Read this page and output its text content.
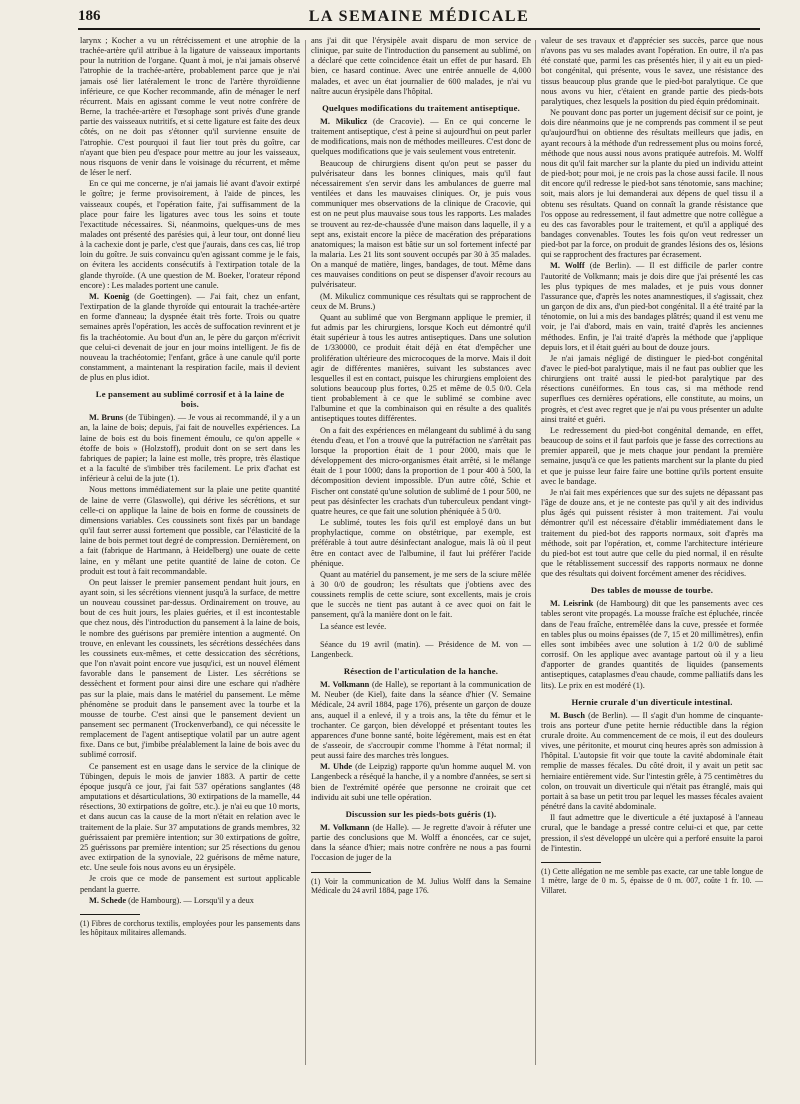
186	LA SEMAINE MÉDICALE

larynx ; Kocher a vu un rétrécissement et une atrophie de la trachée-artère qu'il attribue à la ligature de vaisseaux importants pour la nutrition de l'organe. Quant à moi, je n'ai jamais observé l'atrophie de la trachée-artère, probablement parce que je n'ai jamais osé lier latéralement le tronc de l'artère thyroïdienne inférieure, ce que Kocher recommande, afin de ménager le nerf récurrent. Mais en agissant comme le veut notre confrère de Berne, la trachée-artère et l'œsophage sont privés d'une grande partie des vaisseaux nutritifs, et si cette ligature est faite des deux côtés, on ne doit pas s'étonner qu'il survienne ensuite de l'atrophie. C'est pourquoi il faut lier tout près du goître, car n'ayant que bien peu d'espace pour mettre au jour les vaisseaux, nous risquons de venir dans le voisinage du récurrent, et même de léser le nerf.

En ce qui me concerne, je n'ai jamais lié avant d'avoir extirpé le goître; je ferme provisoirement, à l'aide de pinces, les vaisseaux coupés, et l'opération faite, j'ai suffisamment de la place pour faire les ligatures avec tous les soins et toute l'exactitude nécessaires. Si, néanmoins, quelques-uns de mes malades ont présenté des parésies qui, à leur tour, ont donné lieu à la cachexie dont je parle, c'est que j'aurais, dans ces cas, lié trop loin du goître. Je suis convaincu qu'en agissant comme je le fais, on évitera les accidents consécutifs à l'extirpation totale de la glande thyroïde. (A une question de M. Boeker, l'orateur répond encore) : Les malades portent une canule.

M. Koenig (de Goettingen). — J'ai fait, chez un enfant, l'extirpation de la glande thyroïde qui entourait la trachée-artère en forme d'anneau; la dyspnée était très forte. Trois ou quatre semaines après l'opération, les accès de suffocation revinrent et je fis la trachéotomie. Au bout d'un an, le père du garçon m'écrivit que celui-ci devenait de jour en jour moins intelligent. Je fis de nouveau la trachéotomie; l'enfant, grâce à une canule qu'il porte constamment, a maintenant la respiration facile, mais il devient de plus en plus idiot.

Le pansement au sublimé corrosif et à la laine de bois.

M. Bruns (de Tübingen). — Je vous ai recommandé, il y a un an, la laine de bois; depuis, j'ai fait de nouvelles expériences. La laine de bois est du bois finement émoulu, ce qu'on appelle « étoffe de bois » (Holzstoff), produit dont on se sert dans les fabriques de papier; la laine est molle, très propre, très élastique et a la faculté de s'imbiber très facilement. Le prix d'achat est inférieur à celui de la jute (1).

Nous mettons immédiatement sur la plaie une petite quantité de laine de verre (Glaswolle), qui dérive les sécrétions, et sur celle-ci on applique la laine de bois en forme de coussinets de dimensions variables. Ces coussinets sont fixés par un bandage qu'il faut serrer aussi fortement que possible, car l'élasticité de la laine de bois permet tout degré de compression. Dernièrement, on a fait (fabrique de Hartmann, à Heidelberg) une ouate de cette laine, en y mêlant une petite quantité de laine de coton. Ce produit est tout à fait recommandable.

On peut laisser le premier pansement pendant huit jours, en ayant soin, si les sécrétions viennent jusqu'à la surface, de mettre un nouveau coussinet par-dessus. Ordinairement on trouve, au bout de ces huit jours, les plaies guéries, et il est incontestable que chez nous, dès l'introduction du pansement à la laine de bois, le nombre des guérisons par première intention a augmenté. On trouve, en enlevant les coussinets, les sécrétions desséchées dans les coussinets eux-mêmes, et cette dessiccation des sécrétions, que l'on n'avait point encore vue jusqu'ici, est un nouvel élément favorable dans le pansement de Lister. Les sécrétions se dessèchent et forment pour ainsi dire une eschare qui n'adhère pas sur la plaie, mais dans le matériel du pansement. Le même phénomène se produit dans le pansement avec la tourbe et la mousse de tourbe. C'est ainsi que le pansement devient un pansement sec permanent (Trockenverband), ce qui nécessite le remplacement de l'agent antiseptique volatil par un autre agent fixe. Dans ce but, j'imbibe préalablement la laine de bois avec du sublimé corrosif.

Ce pansement est en usage dans le service de la clinique de Tübingen, depuis le mois de janvier 1883. A partir de cette époque jusqu'à ce jour, j'ai fait 537 opérations sanglantes (48 amputations et désarticulations, 30 extirpations de la mamelle, 44 résections, 30 extirpations de goître, etc.). je n'ai eu que 10 morts, et dans aucun cas la cause de la mort n'était en relation avec le traitement de la plaie. Sur 37 amputations de grands membres, 32 guérissaient par première intention; sur 30 extirpations de goître, 25 guérissons par première intention; sur 25 résections du genou avec extirpation de la synoviale, 22 guérisons de même nature, etc. Une seule fois nous avons eu un érysipèle.

Je crois que ce mode de pansement est surtout applicable pendant la guerre.

M. Schede (de Hambourg). — Lorsqu'il y a deux

(1) Fibres de corchorus textilis, employées pour les pansements dans les hôpitaux militaires allemands.

ans j'ai dit que l'érysipèle avait disparu de mon service de clinique, par suite de l'introduction du pansement au sublimé, on a déclaré que cette coïncidence était un effet de pur hasard. Eh bien, ce hasard continue. Avec une entrée annuelle de 4,000 malades, et avec un état journalier de 600 malades, je n'ai vu naître aucun érysipèle dans l'hôpital.

Quelques modifications du traitement antiseptique.

M. Mikulicz (de Cracovie). — En ce qui concerne le traitement antiseptique, c'est à peine si aujourd'hui on peut parler de modifications, mais non de méthodes meilleures. C'est donc de quelques modifications que je vais seulement vous entretenir.

Beaucoup de chirurgiens disent qu'on peut se passer du pulvérisateur dans les bonnes cliniques, mais qu'il faut nécessairement s'en servir dans les ambulances de guerre mal ventilées et dans les mauvaises cliniques. Or, je puis vous communiquer mes observations de la clinique de Cracovie, qui est on ne peut plus mauvaise sous tous les rapports. Les malades se trouvent au rez-de-chaussée d'une maison dans laquelle, il y a sept ans, existait encore la pièce de macération des préparations anatomiques; la maison est bâtie sur un sol fortement infecté par la malaria. Les 21 lits sont souvent occupés par 30 à 35 malades. On a manqué de matière, linges, bandages, de tout. Même dans ces mauvaises conditions on peut se dispenser d'avoir recours au pulvérisateur.

(M. Mikulicz communique ces résultats qui se rapprochent de ceux de M. Bruns.)

Quant au sublimé que von Bergmann applique le premier, il fut admis par les chirurgiens, lorsque Koch eut démontré qu'il était supérieur à tous les autres antiseptiques. Dans une solution de 1/330000, ce produit était déjà en état d'empêcher une prolifération ultérieure des microcoques de la morve. Mais il doit agir de différentes manières, suivant les substances avec lesquelles il est en contact, puisque les chirurgiens emploient des solutions beaucoup plus fortes, 0.25 et même de 0.5 0/0. Cela tient probablement à ce que le sublimé se combine avec l'albumine et que la combinaison qui en résulte a des qualités antiseptiques toutes différentes.

On a fait des expériences en mélangeant du sublimé à du sang étendu d'eau, et l'on a trouvé que la putréfaction ne s'arrêtait pas lorsque la proportion était de 1 pour 2000, mais que le développement des micro-organismes était arrêté, si le mélange était de 1 pour 1000; dans la proportion de 1 pour 400 à 500, la décomposition devient impossible. D'un autre côté, Schie et Fischer ont constaté qu'une solution de sublimé de 1 pour 500, ne peut pas désinfecter les crachats d'un tuberculeux pendant vingt-quatre heures, ce que fait une solution phéniquée à 5 0/0.

Le sublimé, toutes les fois qu'il est employé dans un but prophylactique, comme on obstétrique, par exemple, est préférable à tout autre désinfectant analogue, mais là où il peut être en contact avec de l'albumine, il faut lui préférer l'acide phénique.

Quant au matériel du pansement, je me sers de la sciure mêlée à 30 0/0 de goudron; les résultats que j'obtiens avec des coussinets remplis de cette sciure, sont excellents, mais je crois que le succès ne tient pas autant à ce avec quoi on fait le pansement, qu'à la manière dont on le fait.

La séance est levée.

Séance du 19 avril (matin). — Présidence de M. von — Langenbeck.

Résection de l'articulation de la hanche.

M. Volkmann (de Halle), se reportant à la communication de M. Neuber (de Kiel), faite dans la séance d'hier (V. Semaine Médicale, 24 avril 1884, page 176), présente un garçon de douze ans, auquel il a enlevé, il y a trois ans, la tête du fémur et le trochanter. Ce garçon, bien développé et présentant toutes les apparences d'une bonne santé, boite légèrement, mais est en état de s'asseoir, de s'accroupir comme l'homme à l'état normal; il peut aussi faire des marches très longues.

M. Uhde (de Leipzig) rapporte qu'un homme auquel M. von Langenbeck a réséqué la hanche, il y a nombre d'années, se sert si bien de l'extrémité opérée que personne ne croirait que cet individu ait subi une telle opération.

Discussion sur les pieds-bots guéris (1).

M. Volkmann (de Halle). — Je regrette d'avoir à réfuter une partie des conclusions que M. Wolff a énoncées, car ce sujet, dans la séance d'hier; mais notre confrère ne nous a pas fourni l'occasion de juger de la

(1) Voir la communication de M. Julius Wolff dans la Semaine Médicale du 24 avril 1884, page 176.

valeur de ses travaux et d'apprécier ses succès, parce que nous n'avons pas vu ses malades avant l'opération. En outre, il n'a pas été constaté que, parmi les cas présentés hier, il y ait eu un pied-bot congénital, qui présente, vous le savez, une résistance des tissus beaucoup plus grande que le pied-bot paralytique. Ce que nous avons vu hier, c'étaient en grande partie des pieds-bots paralytiques, chez lesquels la position du pied équin prédominait.

Ne pouvant donc pas porter un jugement décisif sur ce point, je dois dire néanmoins que je ne comprends pas comment il se peut qu'aujourd'hui on obtienne des résultats meilleurs que jadis, en ayant recours à la méthode d'un redressement plus ou moins forcé, méthode que nous aussi nous avons pratiquée autrefois. M. Wolff nous dit qu'il fait marcher sur la plante du pied un individu atteint de pied-bot; pour moi, je ne crois pas la chose aussi facile. Il nous dit encore qu'il redresse le pied-bot sans ténotomie, sans machine; soit, mais alors je lui demanderai aux dépens de quel tissu il a obtenu ses résultats. Quand on connaît la grande résistance que l'os oppose au redressement, il faut admettre que notre collègue a eu des cas favorables pour le traitement, et qu'il a appliqué des bandages convenables. Toutes les fois qu'on veut redresser un pied-bot par la force, on produit de grandes lésions des os, lésions qui se rapprochent des fractures par écrasement.

M. Wolff (de Berlin). — Il est difficile de parler contre l'autorité de Volkmann; mais je dois dire que j'ai présenté les cas les plus typiques de mes malades, et je puis vous donner l'assurance que, d'après les notes anamnestiques, il s'agissait, chez un garçon de dix ans, d'un pied-bot congénital. Il a été traité par la ténotomie, on lui a mis des bandages plâtrés; quand il est venu me voir, je l'ai d'abord, mais en vain, traité d'après les anciennes méthodes. Enfin, je l'ai traité d'après la méthode que j'applique depuis lors, et il était guéri au bout de douze jours.

Je n'ai jamais négligé de distinguer le pied-bot congénital d'avec le pied-bot paralytique, mais il ne faut pas oublier que les chirurgiens ont traité aussi le pied-bot paralytique par des résections cunéiformes. En tous cas, si ma méthode rend superflues ces dernières opérations, elle constitute, au moins, un progrès, et c'est avec regret que je n'ai pu vous présenter un adulte ainsi traité et guéri.

Le redressement du pied-bot congénital demande, en effet, beaucoup de soins et il faut parfois que je fasse des corrections au premier appareil, que je mets chaque jour pendant la première semaine, jusqu'à ce que les patients marchent sur la plante du pied et que je puisse leur faire faire une bottine qu'ils portent ensuite avec le bandage.

Je n'ai fait mes expériences que sur des sujets ne dépassant pas l'âge de douze ans, et je ne conteste pas qu'il y ait des individus plus âgés qui puissent résister à mon traitement. J'ai voulu démontrer qu'il est nécessaire d'établir immédiatement dans le traitement du pied-bot des rapports normaux, soit d'après ma méthode, soit par l'opération, et, comme l'architecture intérieure du pied-bot est tout autre que celle du pied normal, il en résulte que le rétablissement successif des rapports normaux ne donne que des résultats qui doivent forcément amener des récidives.

Des tables de mousse de tourbe.

M. Leisrink (de Hambourg) dit que les pansements avec ces tables seront vite propagés. La mousse fraîche est épluchée, rincée dans de l'eau fraîche, entremêlée dans la cuve, pressée et formée en tables plus ou moins épaisses (de 7, 15 et 20 millimètres), enfin elles sont imbibées avec une solution à 1/2 0/0 de sublimé corrosif. On les applique avec avantage partout où il y a lieu d'apporter de grandes quantités de liquides (pansements antiseptiques, cataplasmes d'eau chaude, comme palliatifs dans les lits). Le prix en est modéré (1).

Hernie crurale d'un diverticule intestinal.

M. Busch (de Berlin). — Il s'agit d'un homme de cinquante-trois ans porteur d'une petite hernie réductible dans la région crurale droite. Au commencement de ce mois, il eut des douleurs vives, une péritonite, et mourut cinq heures après son admission à l'hôpital. L'autopsie fit voir que toute la cavité abdominale était remplie de masses fécales. Du côté droit, il y avait un petit sac herniaire entièrement vide. Sur l'intestin grêle, à 75 centimètres du colon, on trouvait un diverticule qui n'était pas étranglé, mais qui portait à sa base un petit trou par lequel les masses fécales avaient pénétré dans la cavité abdominale.

Il faut admettre que le diverticule a été juxtaposé à l'anneau crural, que le bandage a pressé contre celui-ci et que, par cette pression, il s'est développé un ulcère qui a perforé ensuite la paroi de l'intestin.

(1) Cette allégation ne me semble pas exacte, car une table longue de 1 mètre, large de 0 m. 5, épaisse de 0 m. 007, coûte 1 fr. 10. — Villaret.
